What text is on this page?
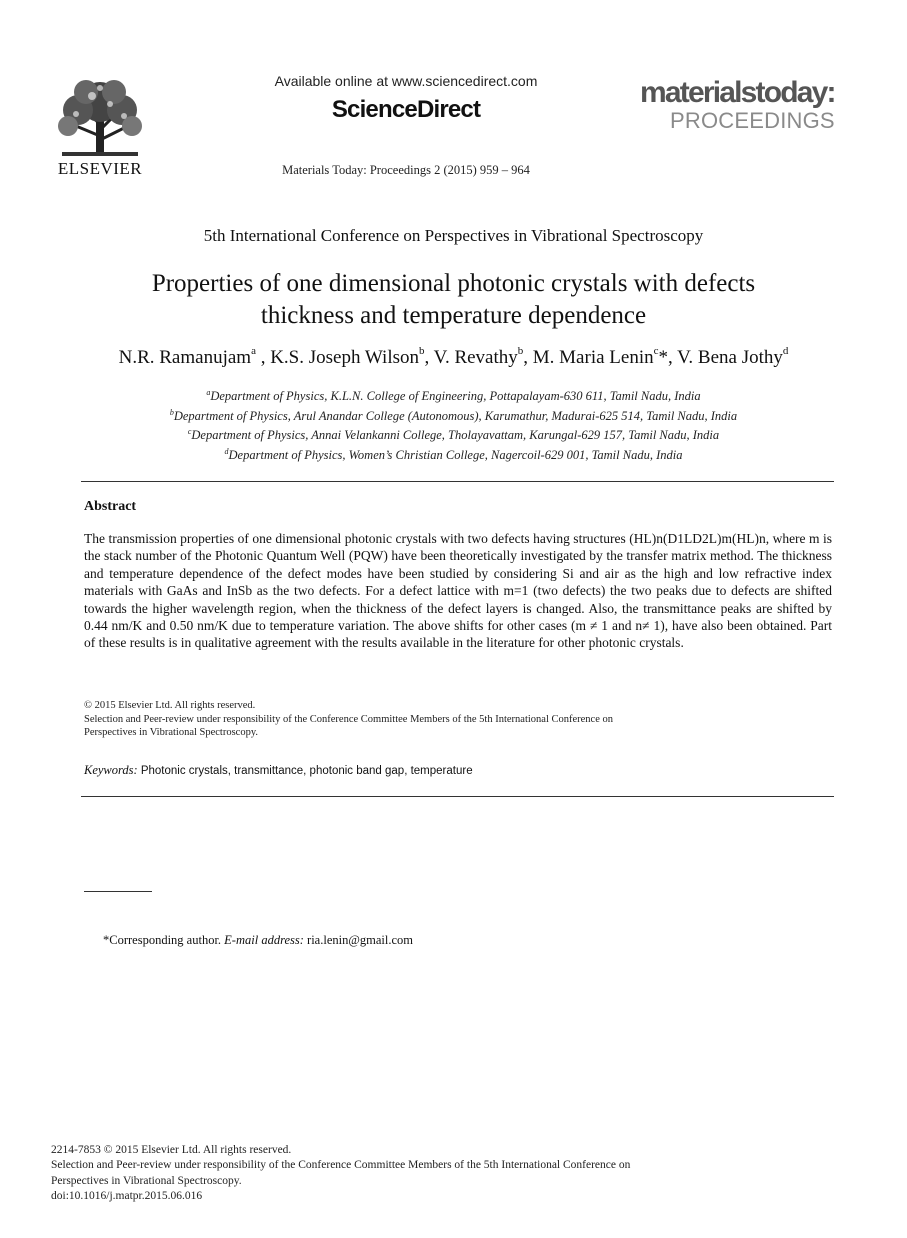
ELSEVIER
Available online at www.sciencedirect.com
ScienceDirect
Materials Today: Proceedings 2 (2015) 959 – 964
materialstoday:
PROCEEDINGS
5th International Conference on Perspectives in Vibrational Spectroscopy
Properties of one dimensional photonic crystals with defects
thickness and temperature dependence
N.R. Ramanujam$^a$ , K.S. Joseph Wilson$^b$, V. Revathy$^b$, M. Maria Lenin$^c$*, V. Bena Jothy$^d$
$^a$Department of Physics, K.L.N. College of Engineering, Pottapalayam-630 611, Tamil Nadu, India
$^b$Department of Physics, Arul Anandar College (Autonomous), Karumathur, Madurai-625 514, Tamil Nadu, India
$^c$Department of Physics, Annai Velankanni College, Tholayavattam, Karungal-629 157, Tamil Nadu, India
$^d$Department of Physics, Women’s Christian College, Nagercoil-629 001, Tamil Nadu, India
Abstract
The transmission properties of one dimensional photonic crystals with two defects having structures (HL)n(D1LD2L)m(HL)n, where m is the stack number of the Photonic Quantum Well (PQW) have been theoretically investigated by the transfer matrix method. The thickness and temperature dependence of the defect modes have been studied by considering Si and air as the high and low refractive index materials with GaAs and InSb as the two defects. For a defect lattice with m=1 (two defects) the two peaks due to defects are shifted towards the higher wavelength region, when the thickness of the defect layers is changed. Also, the transmittance peaks are shifted by 0.44 nm/K and 0.50 nm/K due to temperature variation. The above shifts for other cases (m ≠ 1 and n≠ 1), have also been obtained. Part of these results is in qualitative agreement with the results available in the literature for other photonic crystals.
© 2015 Elsevier Ltd. All rights reserved.
Selection and Peer-review under responsibility of the Conference Committee Members of the 5th International Conference on
Perspectives in Vibrational Spectroscopy.
Keywords: Photonic crystals, transmittance, photonic band gap, temperature
*Corresponding author. E-mail address: ria.lenin@gmail.com
2214-7853 © 2015 Elsevier Ltd. All rights reserved.
Selection and Peer-review under responsibility of the Conference Committee Members of the 5th International Conference on
Perspectives in Vibrational Spectroscopy.
doi:10.1016/j.matpr.2015.06.016
